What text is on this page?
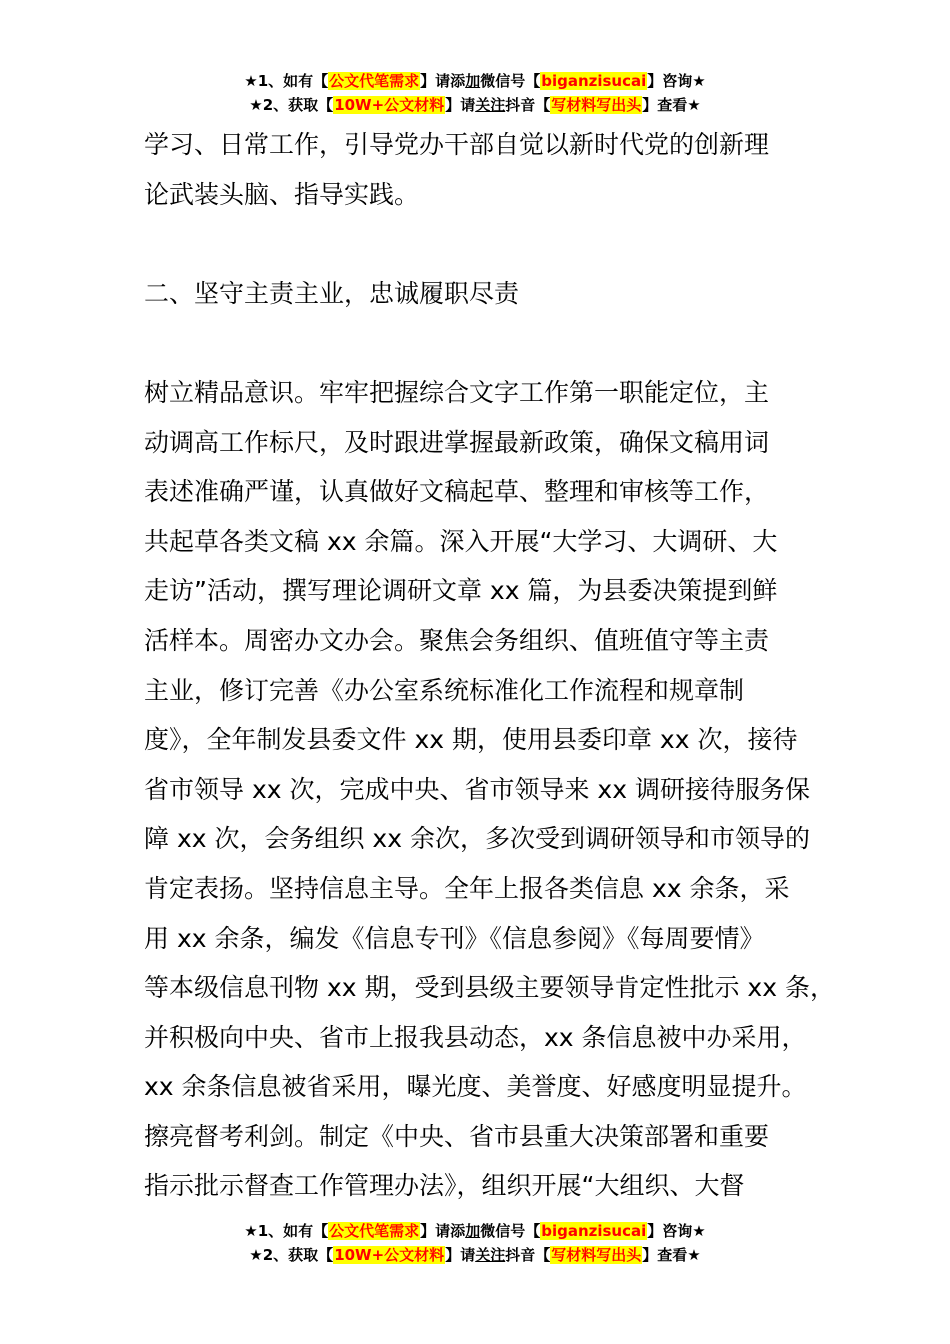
★1、如有【公文代笔需求】请添加微信号【biganzisucai】咨询★
★2、获取【10W+公文材料】请关注抖音【写材料写出头】查看★

学习、日常工作，引导党办干部自觉以新时代党的创新理

论武装头脑、指导实践。

二、坚守主责主业，忠诚履职尽责

树立精品意识。牢牢把握综合文字工作第一职能定位，主

动调高工作标尺，及时跟进掌握最新政策，确保文稿用词

表述准确严谨，认真做好文稿起草、整理和审核等工作，

共起草各类文稿 xx 余篇。深入开展“大学习、大调研、大

走访”活动，撰写理论调研文章 xx 篇，为县委决策提到鲜

活样本。周密办文办会。聚焦会务组织、值班值守等主责

主业，修订完善《办公室系统标准化工作流程和规章制

度》，全年制发县委文件 xx 期，使用县委印章 xx 次，接待

省市领导 xx 次，完成中央、省市领导来 xx 调研接待服务保

障 xx 次，会务组织 xx 余次，多次受到调研领导和市领导的

肯定表扬。坚持信息主导。全年上报各类信息 xx 余条，采

用 xx 余条，编发《信息专刊》《信息参阅》《每周要情》

等本级信息刊物 xx 期，受到县级主要领导肯定性批示 xx 条，

并积极向中央、省市上报我县动态，xx 条信息被中办采用，

xx 余条信息被省采用，曝光度、美誉度、好感度明显提升。

擦亮督考利剑。制定《中央、省市县重大决策部署和重要

指示批示督查工作管理办法》，组织开展“大组织、大督

★1、如有【公文代笔需求】请添加微信号【biganzisucai】咨询★
★2、获取【10W+公文材料】请关注抖音【写材料写出头】查看★
